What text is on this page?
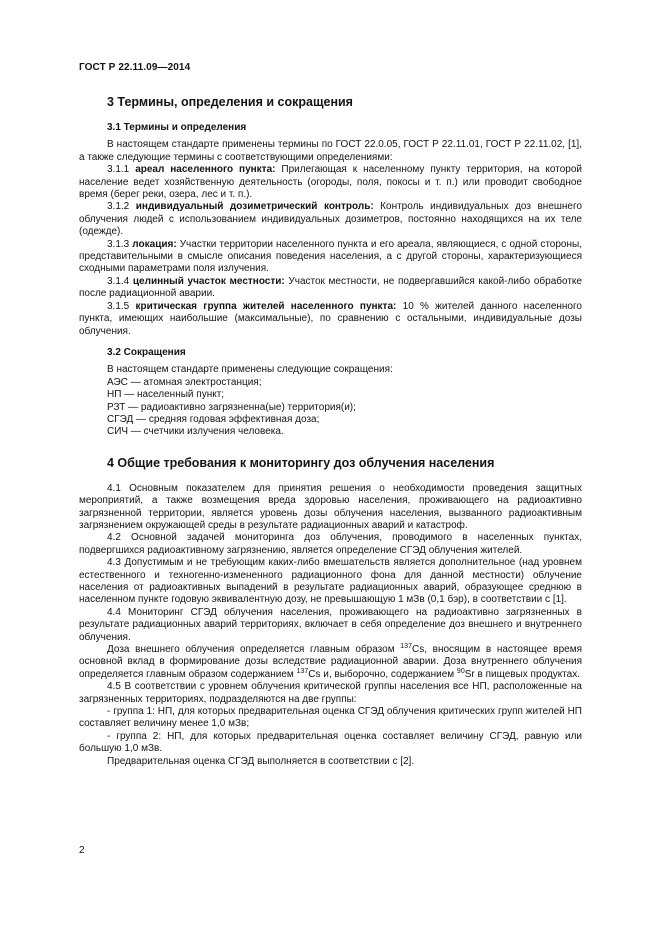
ГОСТ Р 22.11.09—2014
3 Термины, определения и сокращения
3.1 Термины и определения

В настоящем стандарте применены термины по ГОСТ 22.0.05, ГОСТ Р 22.11.01, ГОСТ Р 22.11.02, [1], а также следующие термины с соответствующими определениями:

3.1.1 ареал населенного пункта: Прилегающая к населенному пункту территория, на которой население ведет хозяйственную деятельность (огороды, поля, покосы и т. п.) или проводит свободное время (берег реки, озера, лес и т. п.).

3.1.2 индивидуальный дозиметрический контроль: Контроль индивидуальных доз внешнего облучения людей с использованием индивидуальных дозиметров, постоянно находящихся на их теле (одежде).

3.1.3 локация: Участки территории населенного пункта и его ареала, являющиеся, с одной стороны, представительными в смысле описания поведения населения, а с другой стороны, характеризующиеся сходными параметрами поля излучения.

3.1.4 целинный участок местности: Участок местности, не подвергавшийся какой-либо обработке после радиационной аварии.

3.1.5 критическая группа жителей населенного пункта: 10 % жителей данного населенного пункта, имеющих наибольшие (максимальные), по сравнению с остальными, индивидуальные дозы облучения.

3.2 Сокращения

В настоящем стандарте применены следующие сокращения:

АЭС — атомная электростанция;

НП — населенный пункт;

РЗТ — радиоактивно загрязненна(ые) территория(и);

СГЭД — средняя годовая эффективная доза;

СИЧ — счетчики излучения человека.

4 Общие требования к мониторингу доз облучения населения

4.1 Основным показателем для принятия решения о необходимости проведения защитных мероприятий, а также возмещения вреда здоровью населения, проживающего на радиоактивно загрязненной территории, является уровень дозы облучения населения, вызванного радиоактивным загрязнением окружающей среды в результате радиационных аварий и катастроф.

4.2 Основной задачей мониторинга доз облучения, проводимого в населенных пунктах, подвергшихся радиоактивному загрязнению, является определение СГЭД облучения жителей.

4.3 Допустимым и не требующим каких-либо вмешательств является дополнительное (над уровнем естественного и техногенно-измененного радиационного фона для данной местности) облучение населения от радиоактивных выпадений в результате радиационных аварий, образующее среднюю в населенном пункте годовую эквивалентную дозу, не превышающую 1 мЗв (0,1 бэр), в соответствии с [1].

4.4 Мониторинг СГЭД облучения населения, проживающего на радиоактивно загрязненных в результате радиационных аварий территориях, включает в себя определение доз внешнего и внутреннего облучения.

Доза внешнего облучения определяется главным образом $^{137}$Cs, вносящим в настоящее время основной вклад в формирование дозы вследствие радиационной аварии. Доза внутреннего облучения определяется главным образом содержанием $^{137}$Cs и, выборочно, содержанием $^{90}$Sr в пищевых продуктах.

4.5 В соответствии с уровнем облучения критической группы населения все НП, расположенные на загрязненных территориях, подразделяются на две группы:

- группа 1: НП, для которых предварительная оценка СГЭД облучения критических групп жителей НП составляет величину менее 1,0 мЗв;

- группа 2: НП, для которых предварительная оценка составляет величину СГЭД, равную или большую 1,0 мЗв.

Предварительная оценка СГЭД выполняется в соответствии с [2].

2
